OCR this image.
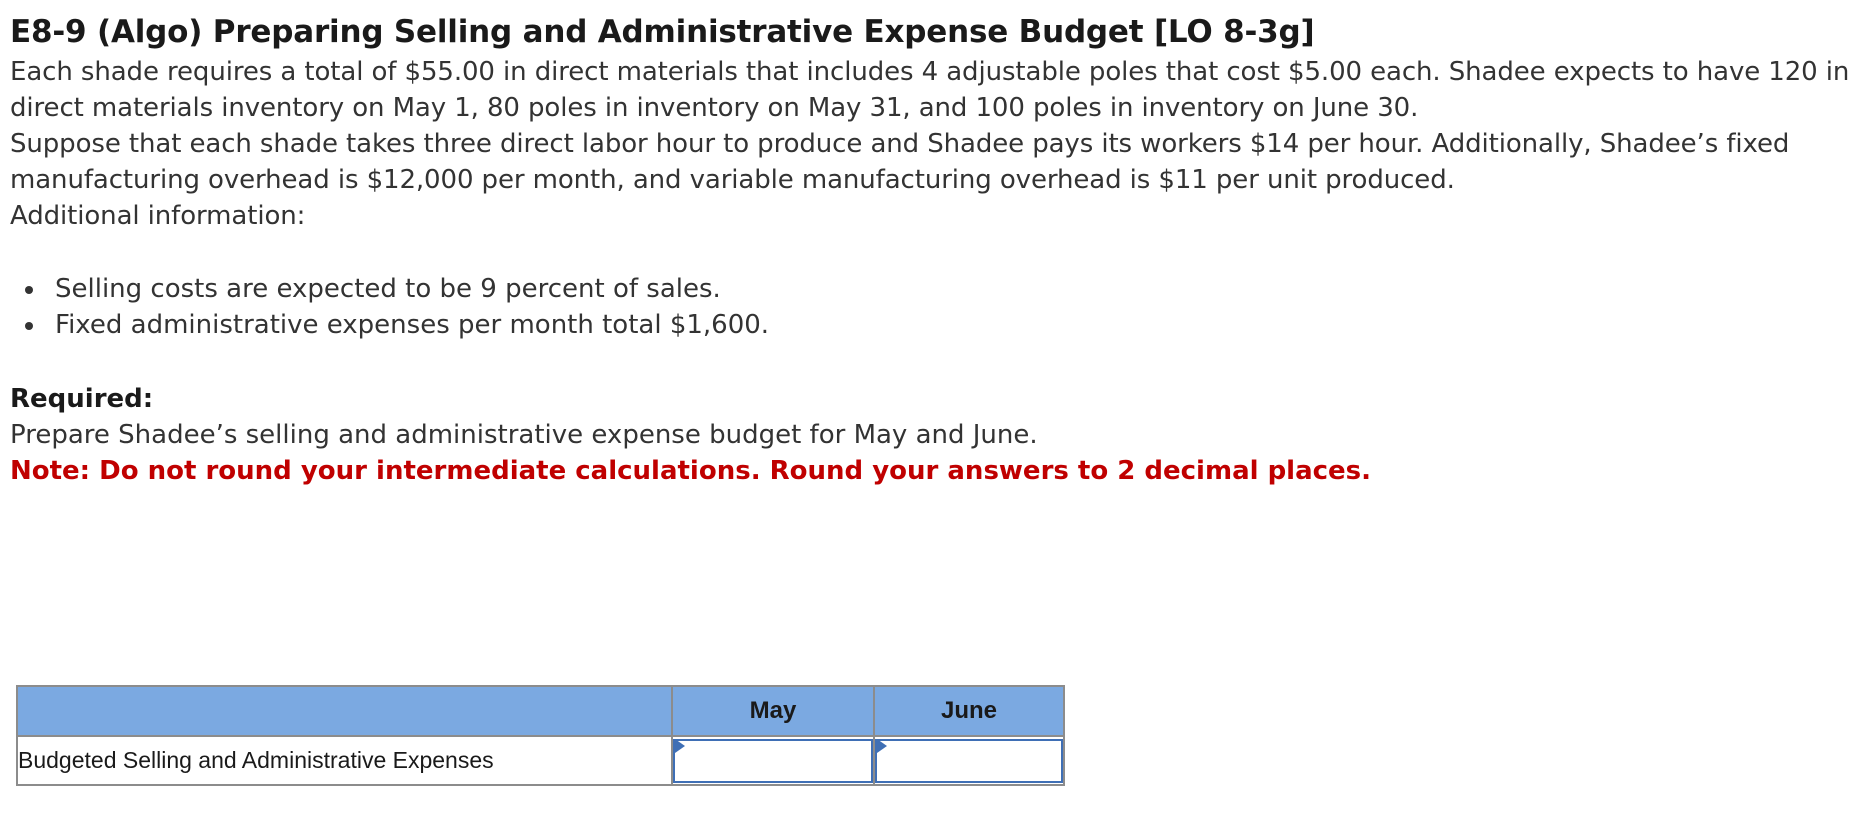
E8-9 (Algo) Preparing Selling and Administrative Expense Budget [LO 8-3g]

Each shade requires a total of $55.00 in direct materials that includes 4 adjustable poles that cost $5.00 each. Shadee expects to have 120 in direct materials inventory on May 1, 80 poles in inventory on May 31, and 100 poles in inventory on June 30.

Suppose that each shade takes three direct labor hour to produce and Shadee pays its workers $14 per hour. Additionally, Shadee’s fixed manufacturing overhead is $12,000 per month, and variable manufacturing overhead is $11 per unit produced.

Additional information:

• Selling costs are expected to be 9 percent of sales.
• Fixed administrative expenses per month total $1,600.
Required:
Prepare Shadee’s selling and administrative expense budget for May and June.
Note: Do not round your intermediate calculations. Round your answers to 2 decimal places.
	May	June
Budgeted Selling and Administrative Expenses	
